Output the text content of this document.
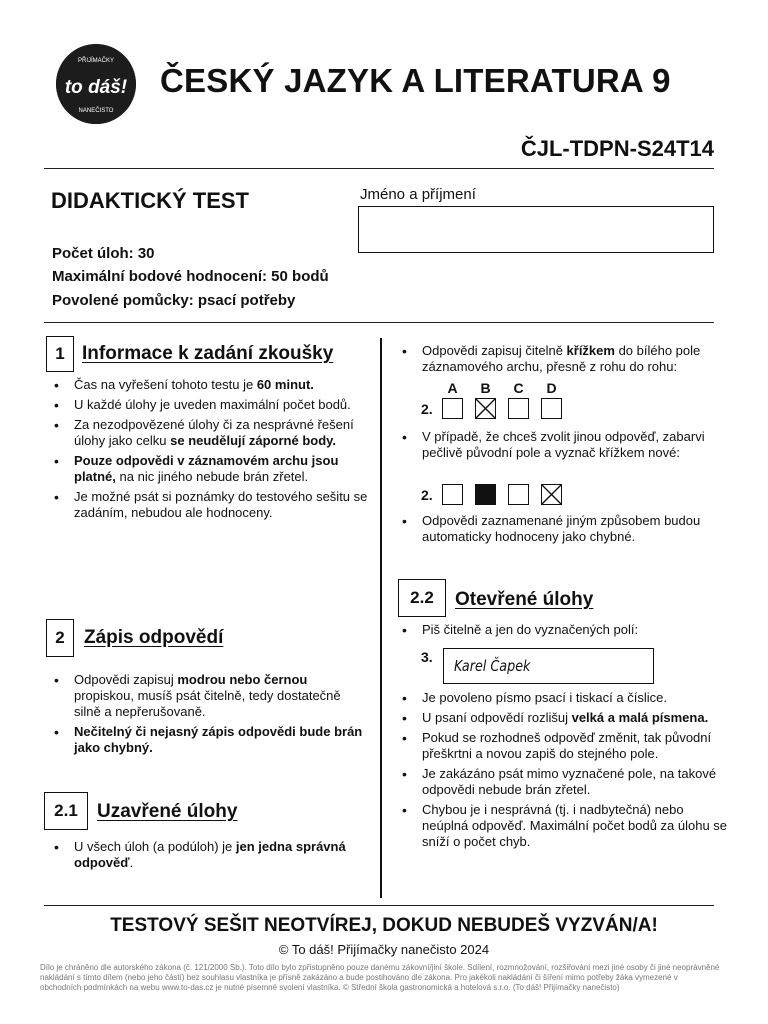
PŘIJÍMAČKY
to dáš!
NANEČISTO
ČESKÝ JAZYK A LITERATURA 9
ČJL-TDPN-S24T14
DIDAKTICKÝ TEST	Jméno a příjmení
Počet úloh: 30
Maximální bodové hodnocení: 50 bodů
Povolené pomůcky: psací potřeby
1 Informace k zadání zkoušky
• Čas na vyřešení tohoto testu je 60 minut.
• U každé úlohy je uveden maximální počet bodů.
• Za nezodpovězené úlohy či za nesprávné řešení úlohy jako celku se neudělují záporné body.
• Pouze odpovědi v záznamovém archu jsou platné, na nic jiného nebude brán zřetel.
• Je možné psát si poznámky do testového sešitu se zadáním, nebudou ale hodnoceny.
2	Zápis odpovědí
• Odpovědi zapisuj modrou nebo černou propiskou, musíš psát čitelně, tedy dostatečně silně a nepřerušovaně.
• Nečitelný či nejasný zápis odpovědi bude brán jako chybný.
2.1	Uzavřené úlohy
• U všech úloh (a podúloh) je jen jedna správná odpověď.
• Odpovědi zapisuj čitelně křížkem do bílého pole záznamového archu, přesně z rohu do rohu:
A	B	C	D
2.
• V případě, že chceš zvolit jinou odpověď, zabarvi pečlivě původní pole a vyznač křížkem nové:
2.
• Odpovědi zaznamenané jiným způsobem budou automaticky hodnoceny jako chybné.
2.2	Otevřené úlohy
• Piš čitelně a jen do vyznačených polí:
3. Karel Čapek
• Je povoleno písmo psací i tiskací a číslice.
• U psaní odpovědí rozlišuj velká a malá písmena.
• Pokud se rozhodneš odpověď změnit, tak původní přeškrtni a novou zapiš do stejného pole.
• Je zakázáno psát mimo vyznačené pole, na takové odpovědi nebude brán zřetel.
• Chybou je i nesprávná (tj. i nadbytečná) nebo neúplná odpověď. Maximální počet bodů za úlohu se sníží o počet chyb.
TESTOVÝ SEŠIT NEOTVÍREJ, DOKUD NEBUDEŠ VYZVÁN/A!
© To dáš! Přijímačky nanečisto 2024
Dílo je chráněno dle autorského zákona (č. 121/2000 Sb.). Toto dílo bylo zpřístupněno pouze danému zákovní/jiní škole. Sdílení, rozmnožování, rozšiřování mezi jiné osoby či jiné neoprávněné nakládání s tímto dílem (nebo jeho částí) bez souhlasu vlastníka je přísně zakázáno a bude postihováno dle zákona. Pro jakékoli nakládání či šíření mimo potřeby žáka vymezené v obchodních podmínkách na webu www.to-das.cz je nutné písemné svolení vlastníka. © Střední škola gastronomická a hotelová s.r.o. (To dáš! Přijímačky nanečisto)
